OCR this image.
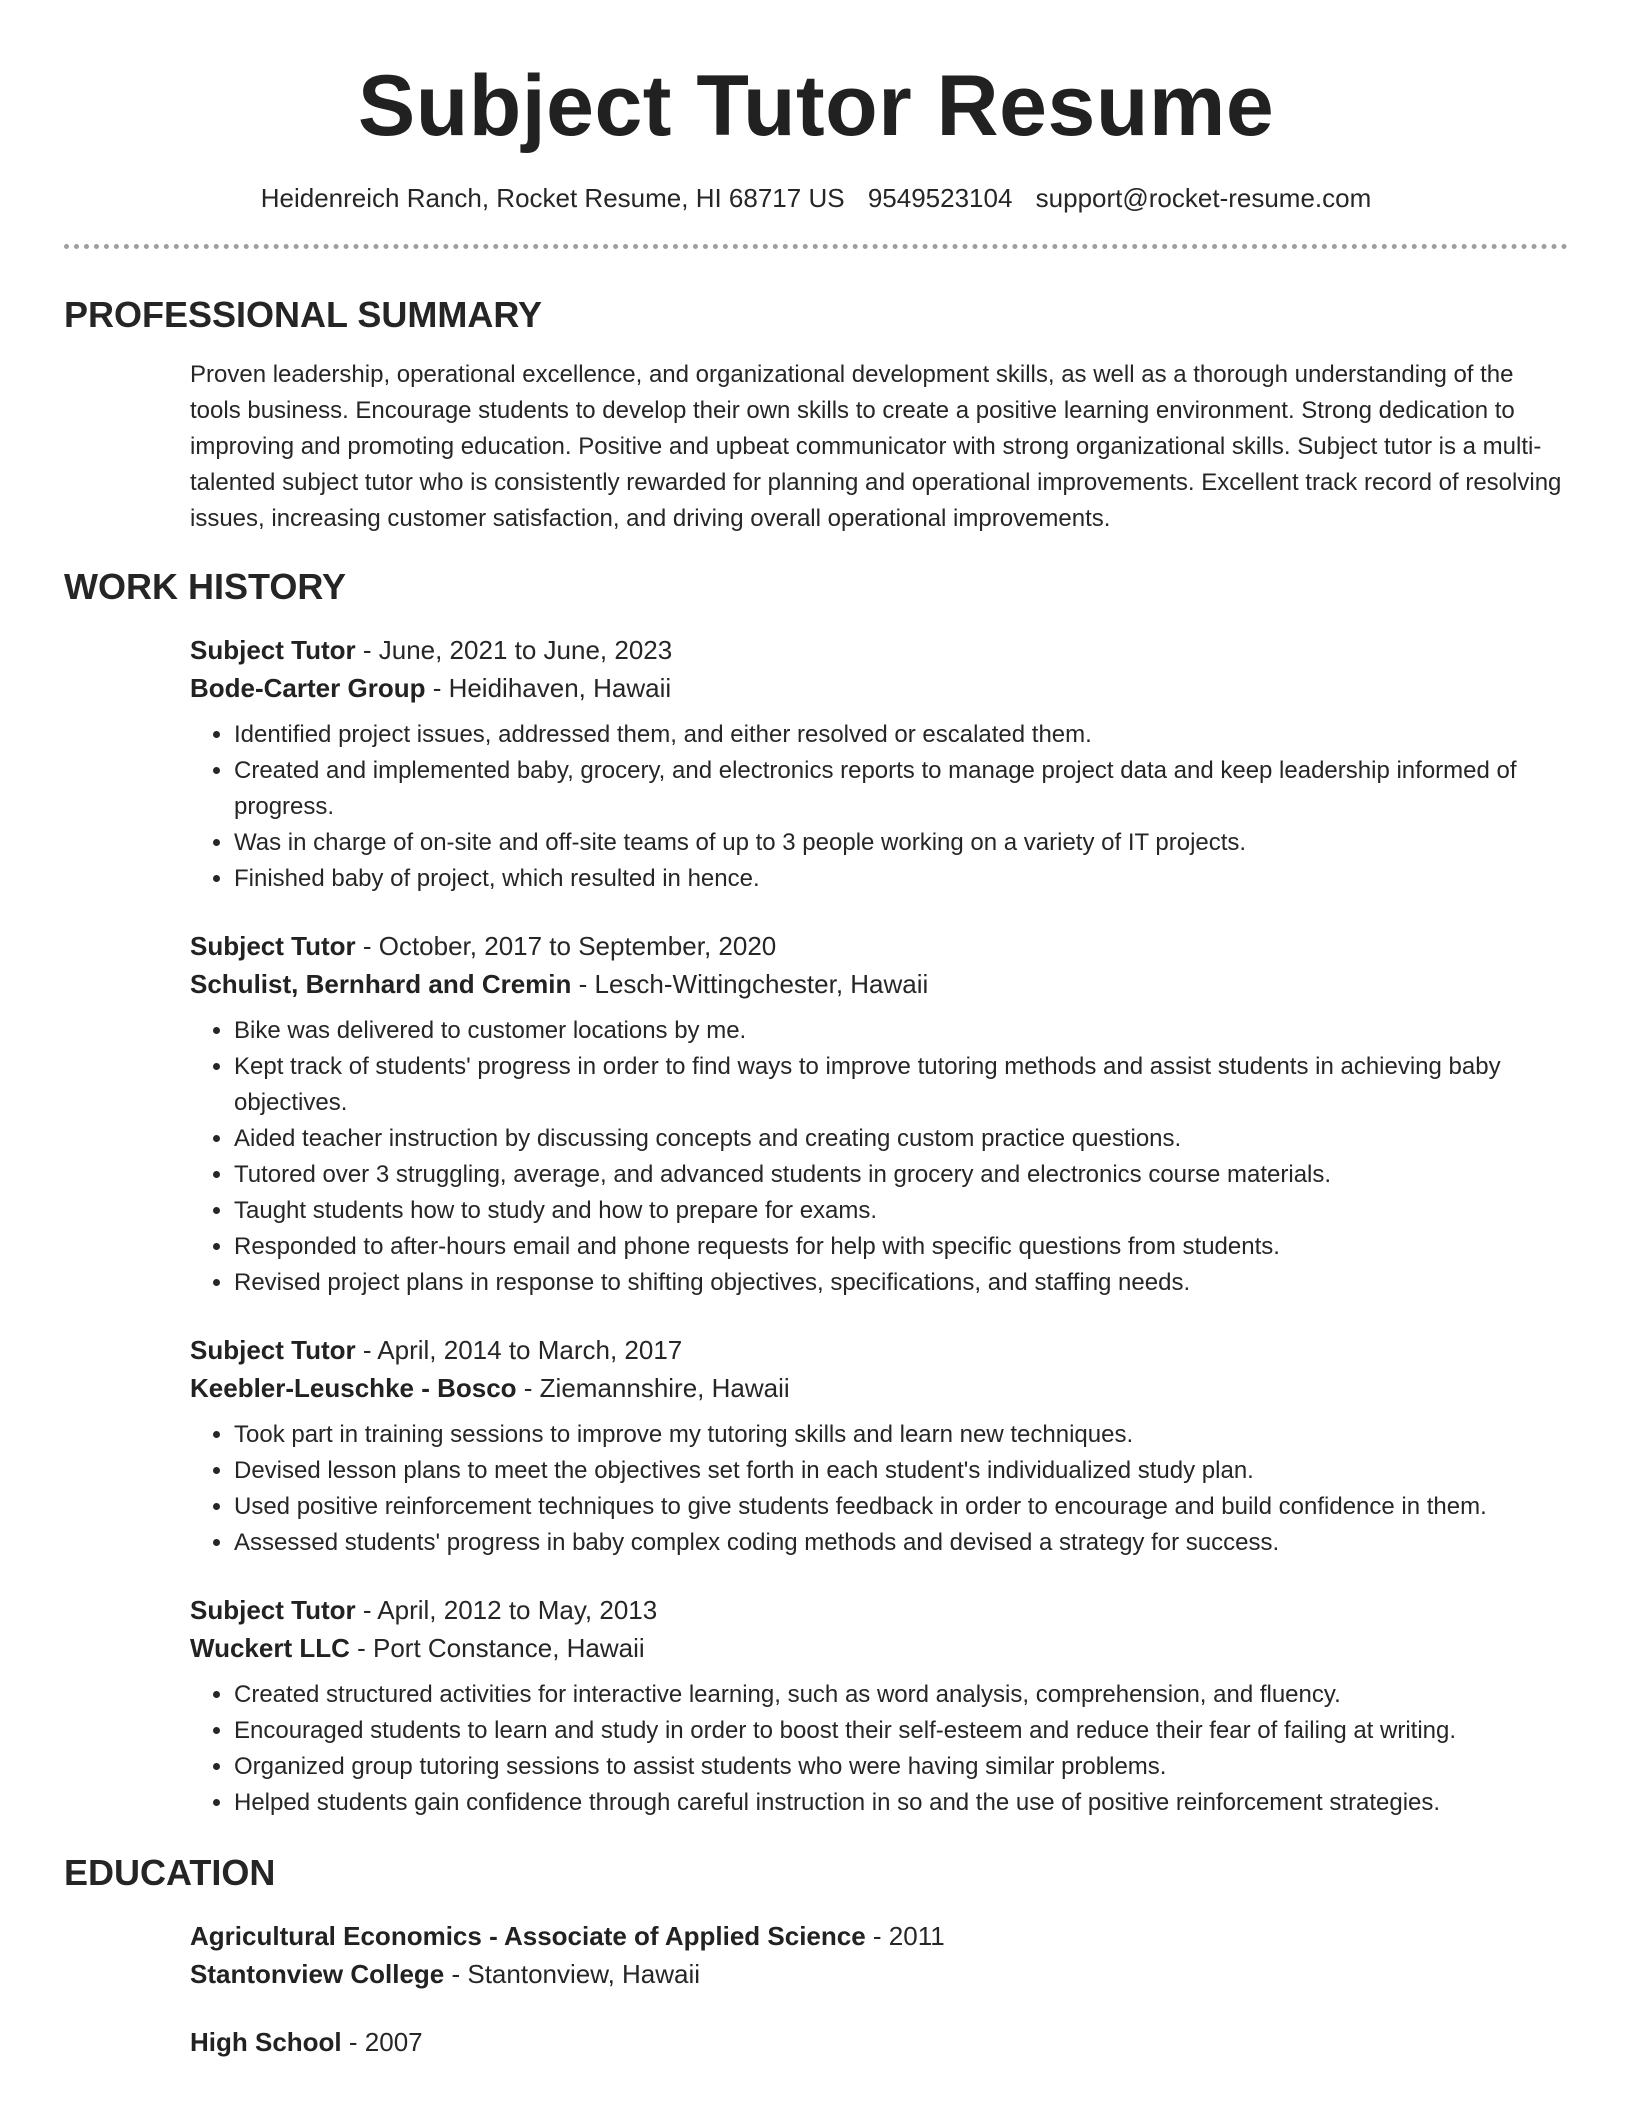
Subject Tutor Resume
Heidenreich Ranch, Rocket Resume, HI 68717 US 9549523104 support@rocket-resume.com
PROFESSIONAL SUMMARY
Proven leadership, operational excellence, and organizational development skills, as well as a thorough understanding of the tools business. Encourage students to develop their own skills to create a positive learning environment. Strong dedication to improving and promoting education. Positive and upbeat communicator with strong organizational skills. Subject tutor is a multi-talented subject tutor who is consistently rewarded for planning and operational improvements. Excellent track record of resolving issues, increasing customer satisfaction, and driving overall operational improvements.
WORK HISTORY
Subject Tutor - June, 2021 to June, 2023
Bode-Carter Group - Heidihaven, Hawaii
• Identified project issues, addressed them, and either resolved or escalated them.
• Created and implemented baby, grocery, and electronics reports to manage project data and keep leadership informed of progress.
• Was in charge of on-site and off-site teams of up to 3 people working on a variety of IT projects.
• Finished baby of project, which resulted in hence.
Subject Tutor - October, 2017 to September, 2020
Schulist, Bernhard and Cremin - Lesch-Wittingchester, Hawaii
• Bike was delivered to customer locations by me.
• Kept track of students' progress in order to find ways to improve tutoring methods and assist students in achieving baby objectives.
• Aided teacher instruction by discussing concepts and creating custom practice questions.
• Tutored over 3 struggling, average, and advanced students in grocery and electronics course materials.
• Taught students how to study and how to prepare for exams.
• Responded to after-hours email and phone requests for help with specific questions from students.
• Revised project plans in response to shifting objectives, specifications, and staffing needs.
Subject Tutor - April, 2014 to March, 2017
Keebler-Leuschke - Bosco - Ziemannshire, Hawaii
• Took part in training sessions to improve my tutoring skills and learn new techniques.
• Devised lesson plans to meet the objectives set forth in each student's individualized study plan.
• Used positive reinforcement techniques to give students feedback in order to encourage and build confidence in them.
• Assessed students' progress in baby complex coding methods and devised a strategy for success.
Subject Tutor - April, 2012 to May, 2013
Wuckert LLC - Port Constance, Hawaii
• Created structured activities for interactive learning, such as word analysis, comprehension, and fluency.
• Encouraged students to learn and study in order to boost their self-esteem and reduce their fear of failing at writing.
• Organized group tutoring sessions to assist students who were having similar problems.
• Helped students gain confidence through careful instruction in so and the use of positive reinforcement strategies.
EDUCATION
Agricultural Economics - Associate of Applied Science - 2011
Stantonview College - Stantonview, Hawaii
High School - 2007
